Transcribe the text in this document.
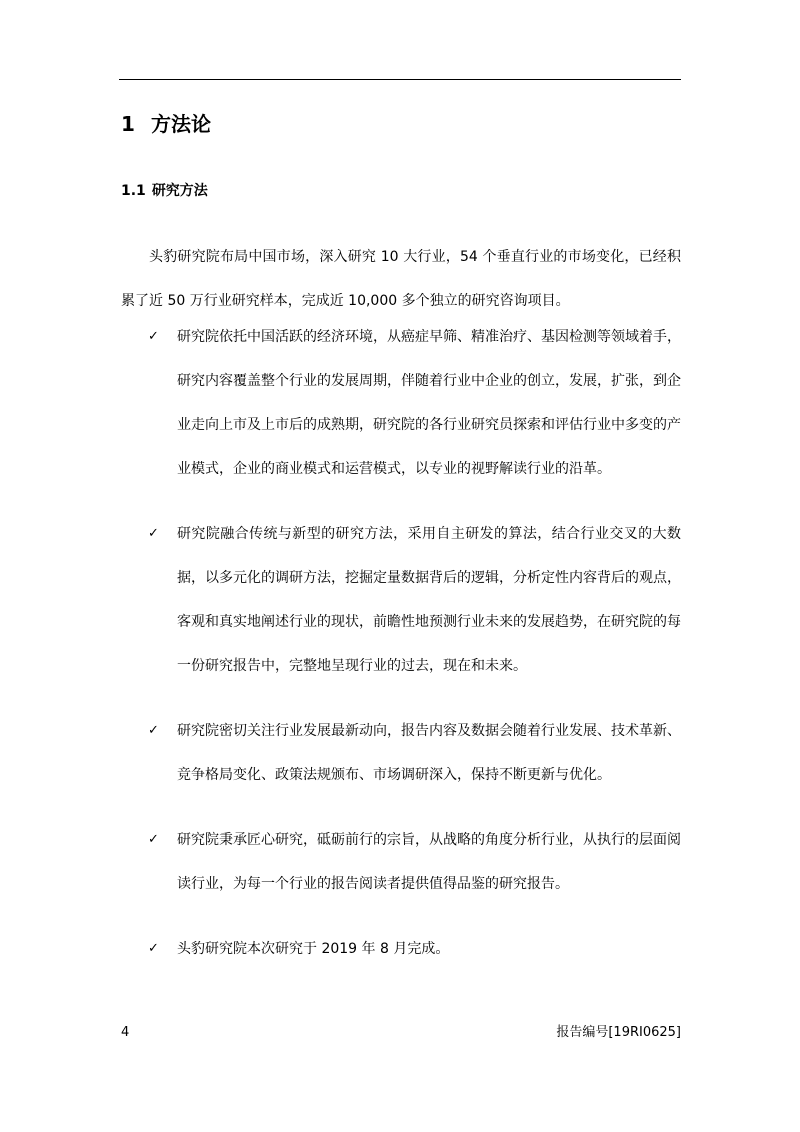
1 方法论
1.1 研究方法

头豹研究院布局中国市场，深入研究 10 大行业，54 个垂直行业的市场变化，已经积累了近 50 万行业研究样本，完成近 10,000 多个独立的研究咨询项目。

✓	研究院依托中国活跃的经济环境，从癌症早筛、精准治疗、基因检测等领域着手，研究内容覆盖整个行业的发展周期，伴随着行业中企业的创立，发展，扩张，到企业走向上市及上市后的成熟期，研究院的各行业研究员探索和评估行业中多变的产业模式，企业的商业模式和运营模式，以专业的视野解读行业的沿革。
✓	研究院融合传统与新型的研究方法，采用自主研发的算法，结合行业交叉的大数据，以多元化的调研方法，挖掘定量数据背后的逻辑，分析定性内容背后的观点，客观和真实地阐述行业的现状，前瞻性地预测行业未来的发展趋势，在研究院的每一份研究报告中，完整地呈现行业的过去，现在和未来。
✓	研究院密切关注行业发展最新动向，报告内容及数据会随着行业发展、技术革新、竞争格局变化、政策法规颁布、市场调研深入，保持不断更新与优化。
✓	研究院秉承匠心研究，砥砺前行的宗旨，从战略的角度分析行业，从执行的层面阅读行业，为每一个行业的报告阅读者提供值得品鉴的研究报告。
✓	头豹研究院本次研究于 2019 年 8 月完成。
4	报告编号[19RI0625]
